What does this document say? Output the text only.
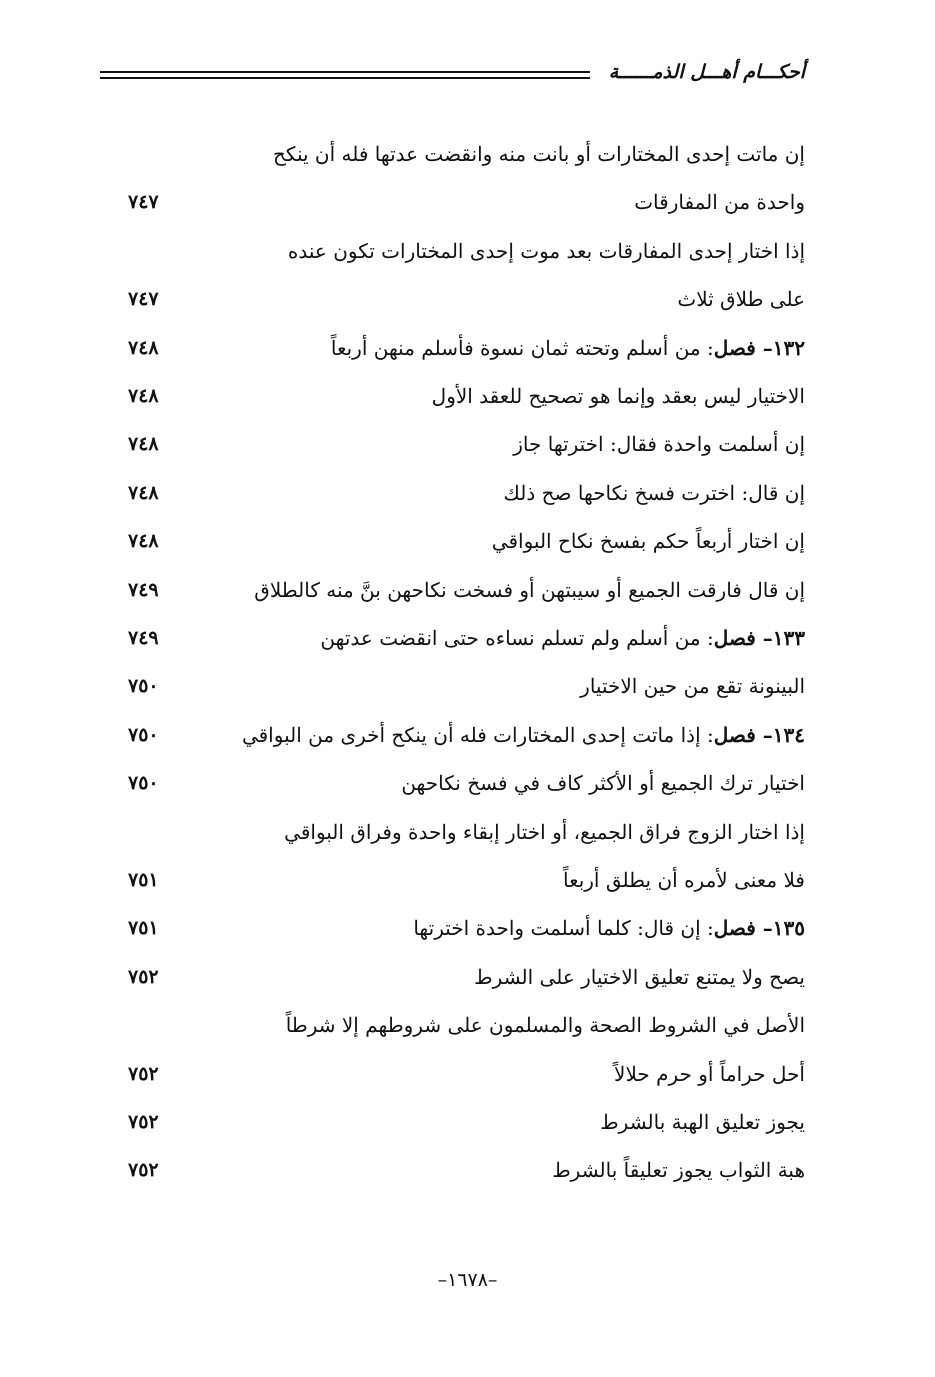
أحكـــام أهـــل الذمــــــة
إن ماتت إحدى المختارات أو بانت منه وانقضت عدتها فله أن ينكح
واحدة من المفارقات
٧٤٧
إذا اختار إحدى المفارقات بعد موت إحدى المختارات تكون عنده
على طلاق ثلاث
٧٤٧
١٣٢– فصل: من أسلم وتحته ثمان نسوة فأسلم منهن أربعاً
٧٤٨
الاختيار ليس بعقد وإنما هو تصحيح للعقد الأول
٧٤٨
إن أسلمت واحدة فقال: اخترتها جاز
٧٤٨
إن قال: اخترت فسخ نكاحها صح ذلك
٧٤٨
إن اختار أربعاً حكم بفسخ نكاح البواقي
٧٤٨
إن قال فارقت الجميع أو سيبتهن أو فسخت نكاحهن بنَّ منه كالطلاق
٧٤٩
١٣٣– فصل: من أسلم ولم تسلم نساءه حتى انقضت عدتهن
٧٤٩
البينونة تقع من حين الاختيار
٧٥٠
١٣٤– فصل: إذا ماتت إحدى المختارات فله أن ينكح أخرى من البواقي
٧٥٠
اختيار ترك الجميع أو الأكثر كاف في فسخ نكاحهن
٧٥٠
إذا اختار الزوج فراق الجميع، أو اختار إبقاء واحدة وفراق البواقي
فلا معنى لأمره أن يطلق أربعاً
٧٥١
١٣٥– فصل: إن قال: كلما أسلمت واحدة اخترتها
٧٥١
يصح ولا يمتنع تعليق الاختيار على الشرط
٧٥٢
الأصل في الشروط الصحة والمسلمون على شروطهم إلا شرطاً
أحل حراماً أو حرم حلالاً
٧٥٢
يجوز تعليق الهبة بالشرط
٧٥٢
هبة الثواب يجوز تعليقاً بالشرط
٧٥٢
–١٦٧٨–
